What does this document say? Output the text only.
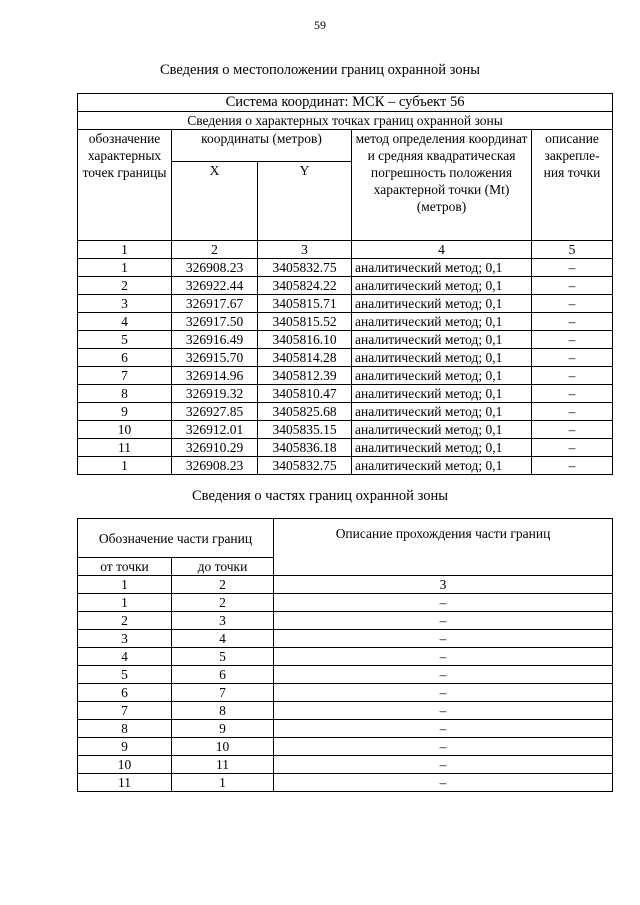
59
Сведения о местоположении границ охранной зоны
Система координат: МСК – субъект 56				
Сведения о характерных точках границ охранной зоны				
обозначение характерных точек границы	координаты (метров)		метод определения координат и средняя квадратическая погрешность положения характерной точки (Mt) (метров)	описание закрепле-ния точки
	X	Y		
1	2	3	4	5
1	326908.23	3405832.75	аналитический метод; 0,1	–
2	326922.44	3405824.22	аналитический метод; 0,1	–
3	326917.67	3405815.71	аналитический метод; 0,1	–
4	326917.50	3405815.52	аналитический метод; 0,1	–
5	326916.49	3405816.10	аналитический метод; 0,1	–
6	326915.70	3405814.28	аналитический метод; 0,1	–
7	326914.96	3405812.39	аналитический метод; 0,1	–
8	326919.32	3405810.47	аналитический метод; 0,1	–
9	326927.85	3405825.68	аналитический метод; 0,1	–
10	326912.01	3405835.15	аналитический метод; 0,1	–
11	326910.29	3405836.18	аналитический метод; 0,1	–
1	326908.23	3405832.75	аналитический метод; 0,1	–
Сведения о частях границ охранной зоны
Обозначение части границ		Описание прохождения части границ
от точки	до точки	
1	2	3
1	2	–
2	3	–
3	4	–
4	5	–
5	6	–
6	7	–
7	8	–
8	9	–
9	10	–
10	11	–
11	1	–
